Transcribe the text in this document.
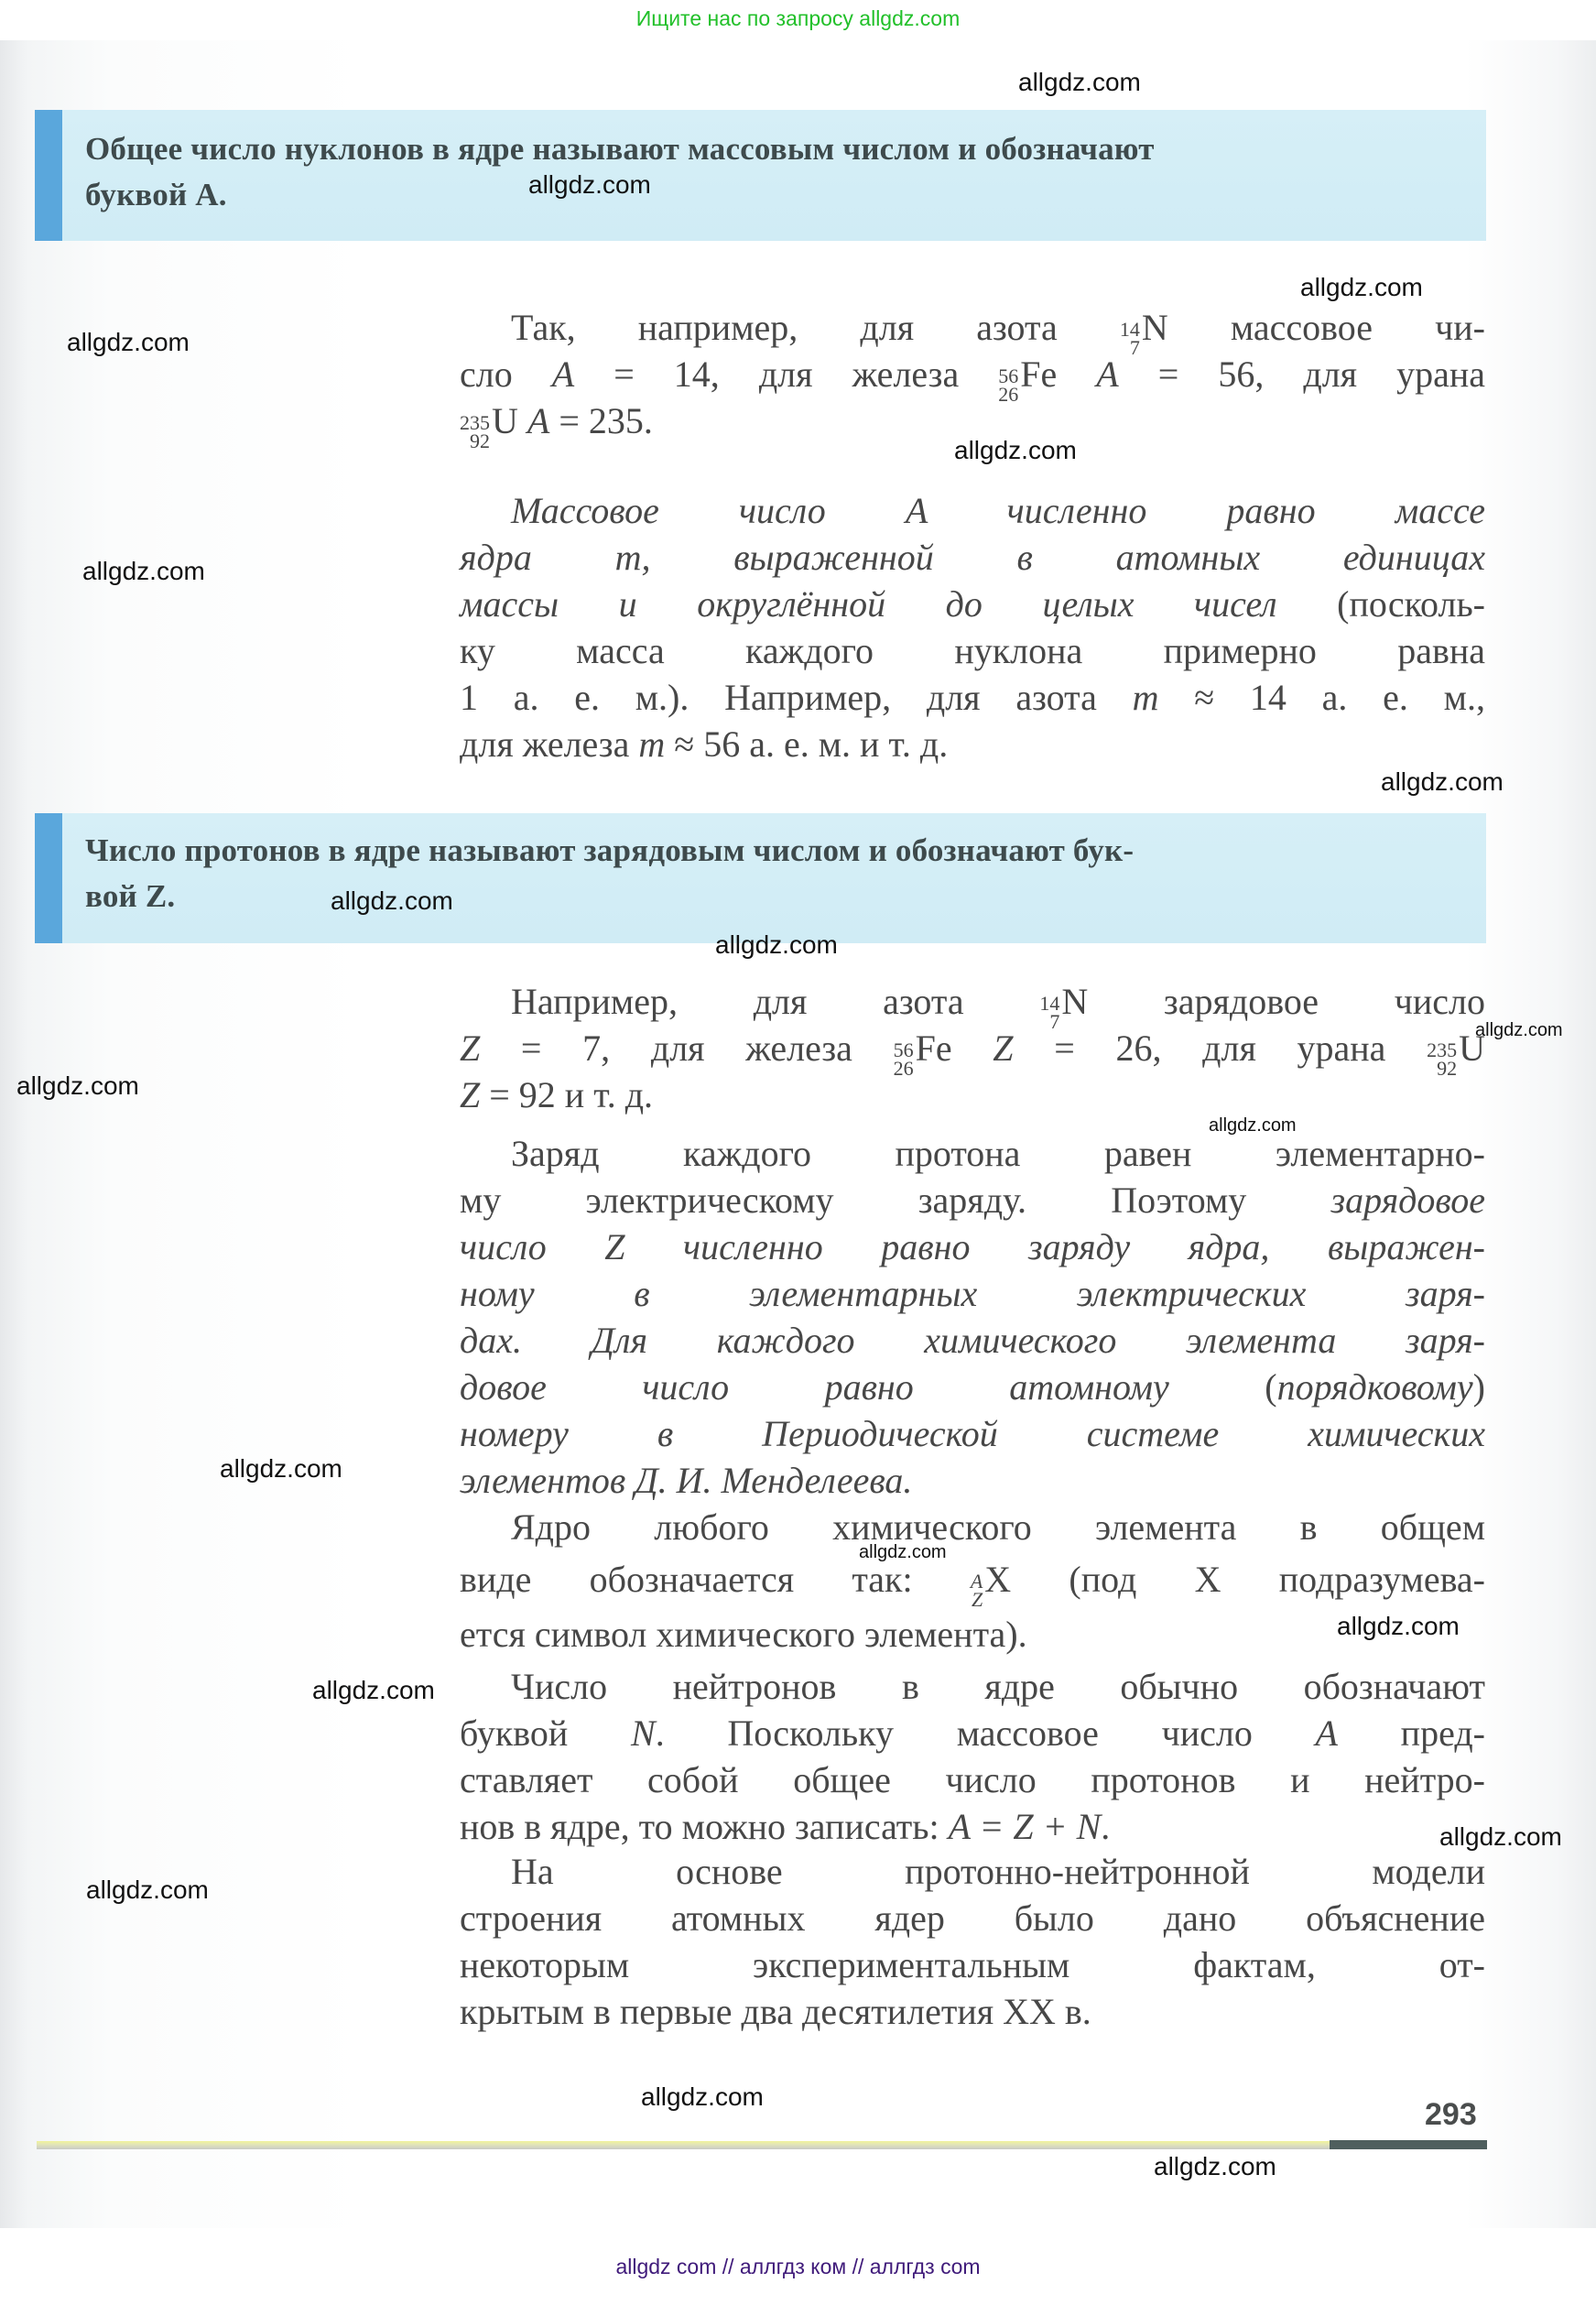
Ищите нас по запросу allgdz.com
Общее число нуклонов в ядре называют массовым числом и обозначают
буквой A.
Так, например, для азота 14
7 N массовое чи-
сло A = 14, для железа 56
26 Fe A = 56, для урана
235
92 U A = 235.
Массовое число A численно равно массе
ядра m, выраженной в атомных единицах
массы и округлённой до целых чисел (посколь-
ку масса каждого нуклона примерно равна
1 а. е. м.). Например, для азота m ≈ 14 а. е. м.,
для железа m ≈ 56 а. е. м. и т. д.
Число протонов в ядре называют зарядовым числом и обозначают бук-
вой Z.
Например, для азота 14
7 N зарядовое число
Z = 7, для железа 56
26 Fe Z = 26, для урана 235
92 U
Z = 92 и т. д.
Заряд каждого протона равен элементарно-
му электрическому заряду. Поэтому зарядовое
число Z численно равно заряду ядра, выражен-
ному в элементарных электрических заря-
дах. Для каждого химического элемента заря-
довое число равно атомному (порядковому)
номеру в Периодической системе химических
элементов Д. И. Менделеева.
Ядро любого химического элемента в общем
виде обозначается так: A
Z X (под X подразумева-
ется символ химического элемента).
Число нейтронов в ядре обычно обозначают
буквой N. Поскольку массовое число A пред-
ставляет собой общее число протонов и нейтро-
нов в ядре, то можно записать: A = Z + N.
На основе протонно-нейтронной модели
строения атомных ядер было дано объяснение
некоторым экспериментальным фактам, от-
крытым в первые два десятилетия XX в.
293
allgdz.com
allgdz.com
allgdz.com
allgdz.com
allgdz.com
allgdz.com
allgdz.com
allgdz.com
allgdz.com
allgdz.com
allgdz.com
allgdz.com
allgdz.com
allgdz.com
allgdz.com
allgdz.com
allgdz.com
allgdz.com
allgdz.com
allgdz.com
allgdz com // аллгдз ком // аллгдз com
